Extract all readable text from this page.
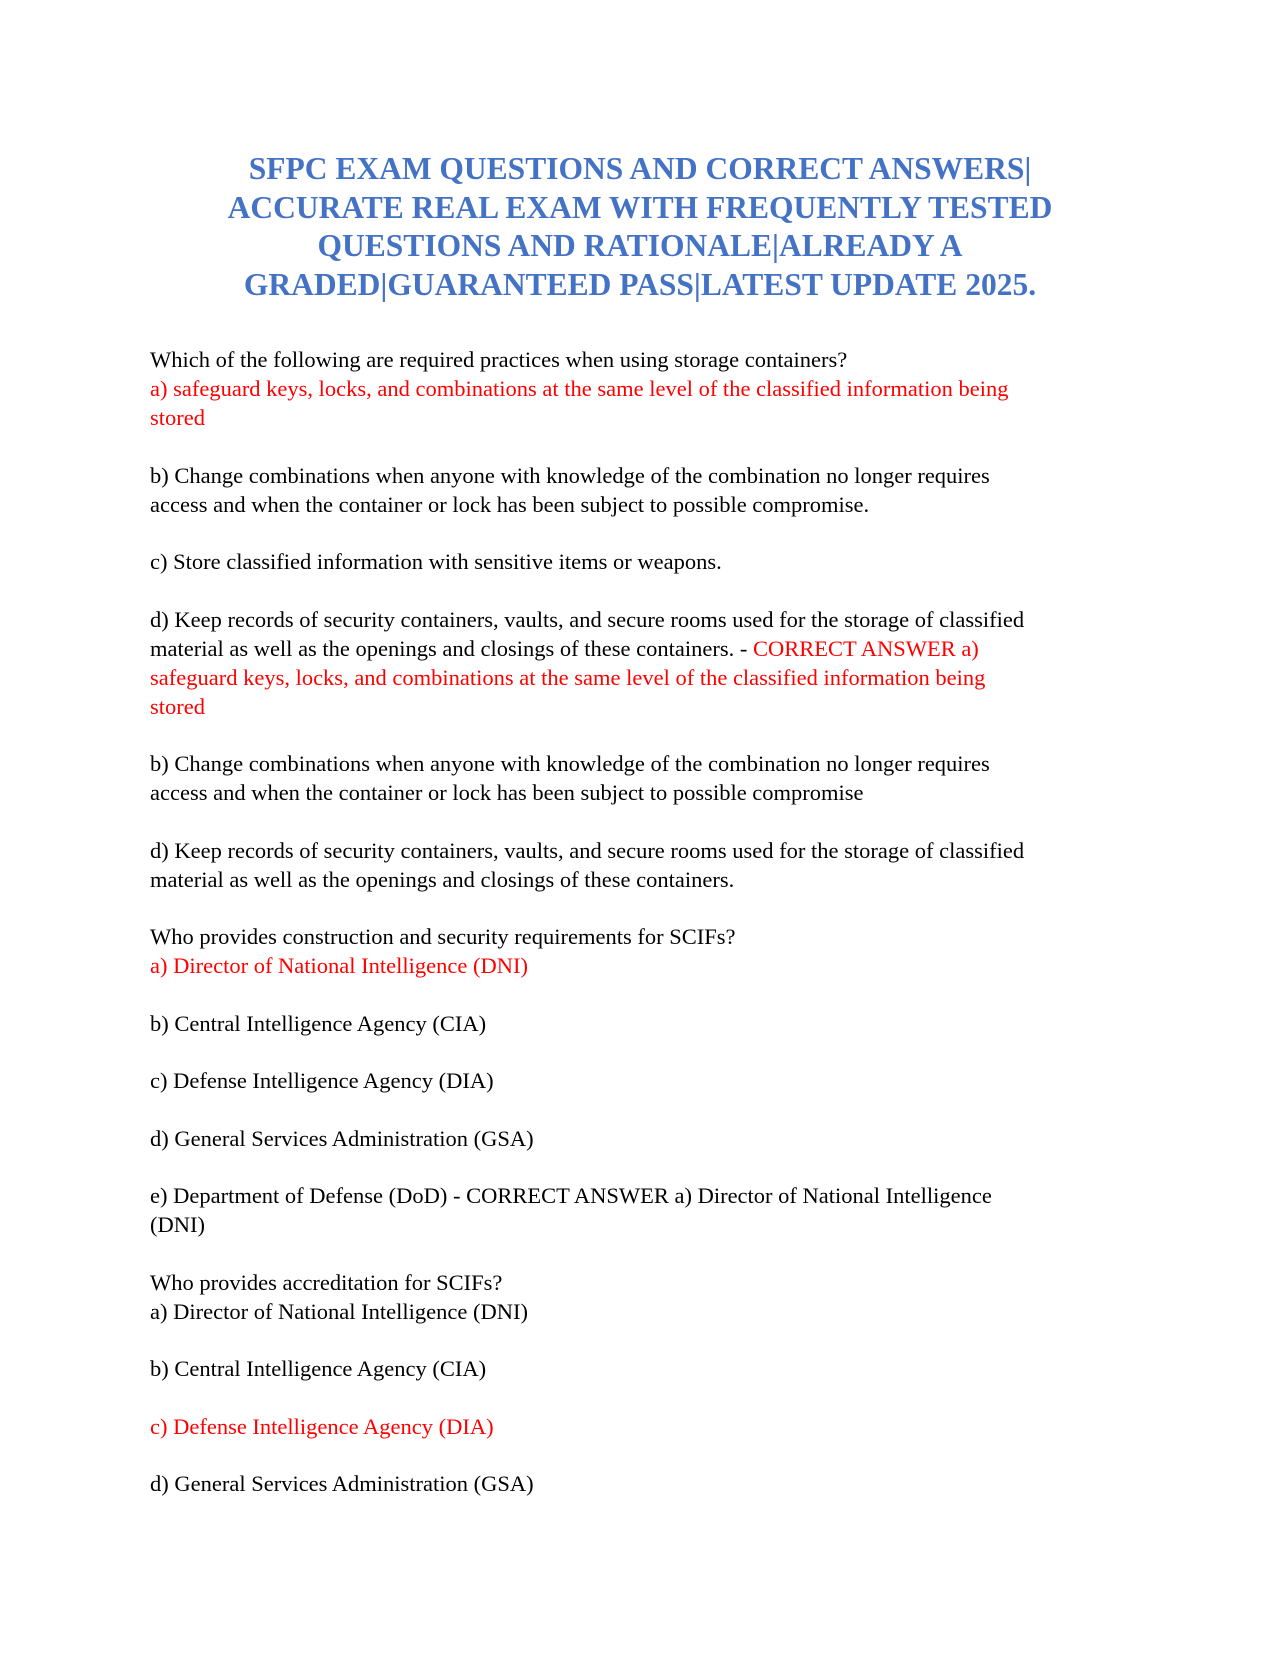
SFPC EXAM QUESTIONS AND CORRECT ANSWERS|
ACCURATE REAL EXAM WITH FREQUENTLY TESTED
QUESTIONS AND RATIONALE|ALREADY A
GRADED|GUARANTEED PASS|LATEST UPDATE 2025.
Which of the following are required practices when using storage containers?
a) safeguard keys, locks, and combinations at the same level of the classified information being
stored
b) Change combinations when anyone with knowledge of the combination no longer requires
access and when the container or lock has been subject to possible compromise.
c) Store classified information with sensitive items or weapons.
d) Keep records of security containers, vaults, and secure rooms used for the storage of classified
material as well as the openings and closings of these containers. - CORRECT ANSWER a)
safeguard keys, locks, and combinations at the same level of the classified information being
stored
b) Change combinations when anyone with knowledge of the combination no longer requires
access and when the container or lock has been subject to possible compromise
d) Keep records of security containers, vaults, and secure rooms used for the storage of classified
material as well as the openings and closings of these containers.
Who provides construction and security requirements for SCIFs?
a) Director of National Intelligence (DNI)
b) Central Intelligence Agency (CIA)
c) Defense Intelligence Agency (DIA)
d) General Services Administration (GSA)
e) Department of Defense (DoD) - CORRECT ANSWER a) Director of National Intelligence
(DNI)
Who provides accreditation for SCIFs?
a) Director of National Intelligence (DNI)
b) Central Intelligence Agency (CIA)
c) Defense Intelligence Agency (DIA)
d) General Services Administration (GSA)
